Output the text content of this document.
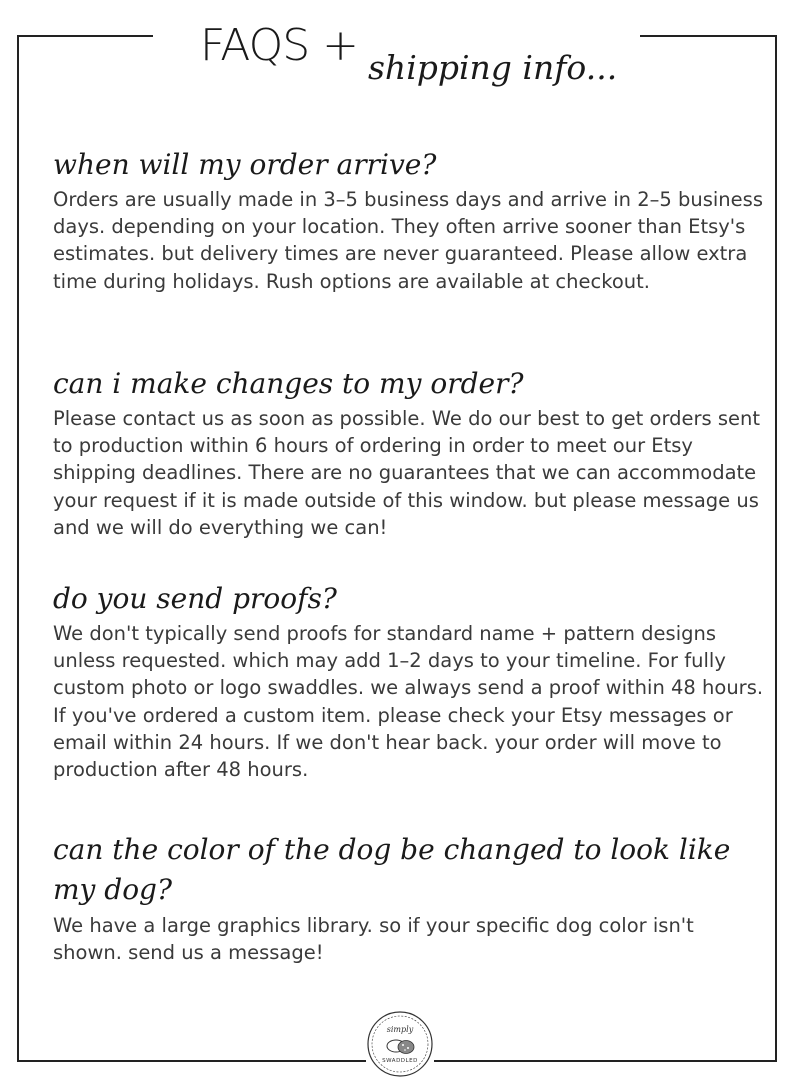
FAQS + shipping info...

when will my order arrive?

Orders are usually made in 3–5 business days and arrive in 2–5 business days. depending on your location. They often arrive sooner than Etsy's estimates. but delivery times are never guaranteed. Please allow extra time during holidays. Rush options are available at checkout.

can i make changes to my order?

Please contact us as soon as possible. We do our best to get orders sent to production within 6 hours of ordering in order to meet our Etsy shipping deadlines. There are no guarantees that we can accommodate your request if it is made outside of this window. but please message us and we will do everything we can!

do you send proofs?

We don't typically send proofs for standard name + pattern designs unless requested. which may add 1–2 days to your timeline. For fully custom photo or logo swaddles. we always send a proof within 48 hours. If you've ordered a custom item. please check your Etsy messages or email within 24 hours. If we don't hear back. your order will move to production after 48 hours.

can the color of the dog be changed to look like my dog?

We have a large graphics library. so if your specific dog color isn't shown. send us a message!

simply
SWADDLED
